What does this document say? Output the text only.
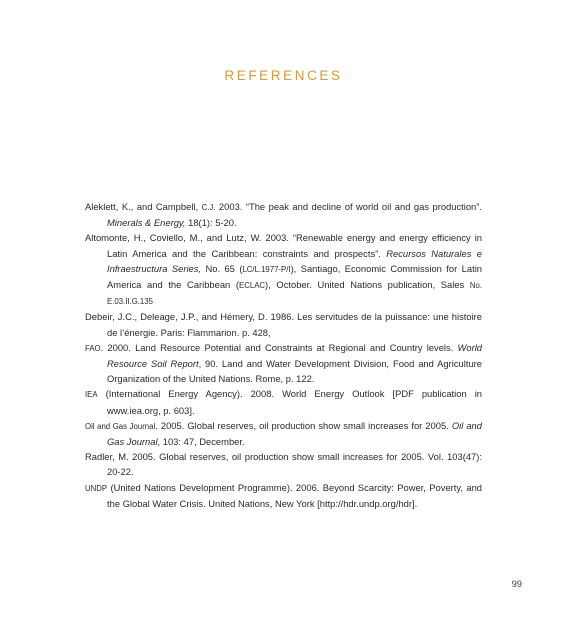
REFERENCES

Aleklett, K., and Campbell, C.J. 2003. “The peak and decline of world oil and gas production”. Minerals & Energy, 18(1): 5-20.

Altomonte, H., Coviello, M., and Lutz, W. 2003. “Renewable energy and energy efficiency in Latin America and the Caribbean: constraints and prospects”. Recursos Naturales e Infraestructura Series, No. 65 (LC/L.1977-P/I), Santiago, Economic Commission for Latin America and the Caribbean (ECLAC), October. United Nations publication, Sales No. E.03.II.G.135

Debeir, J.C., Deleage, J.P., and Hémery, D. 1986. Les servitudes de la puissance: une histoire de l’énergie. Paris: Flammarion. p. 428,

FAO. 2000. Land Resource Potential and Constraints at Regional and Country levels. World Resource Soil Report, 90. Land and Water Development Division, Food and Agriculture Organization of the United Nations. Rome, p. 122.

IEA (International Energy Agency). 2008. World Energy Outlook [PDF publication in www.iea.org, p. 603].

Oil and Gas Journal. 2005. Global reserves, oil production show small increases for 2005. Oil and Gas Journal, 103: 47, December.

Radler, M. 2005. Global reserves, oil production show small increases for 2005. Vol. 103(47): 20-22.

UNDP (United Nations Development Programme). 2006. Beyond Scarcity: Power, Poverty, and the Global Water Crisis. United Nations, New York [http://hdr.undp.org/hdr].

99
